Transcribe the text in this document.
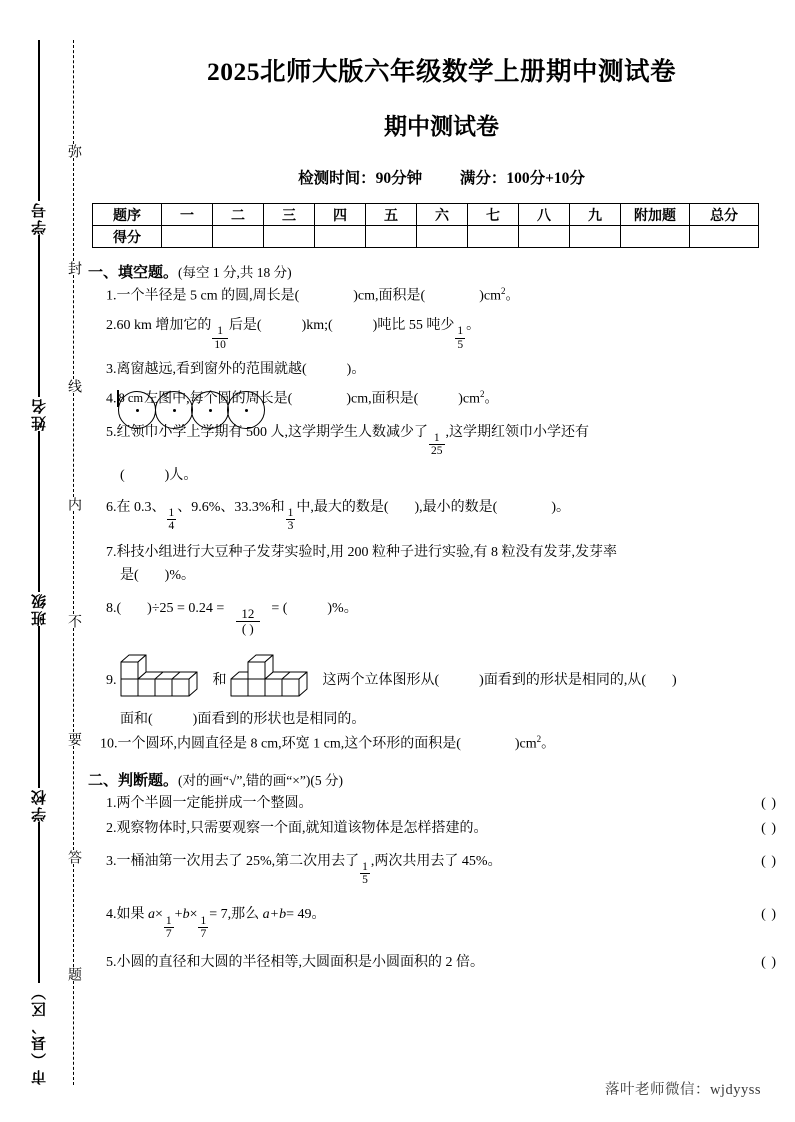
学号
姓名
班级
学校
市（县、区）
弥
封
线
内
不
要
答
题
2025北师大版六年级数学上册期中测试卷
期中测试卷
检测时间：90分钟 满分：100分+10分
题序	一	二	三	四	五	六	七	八	九	附加题	总分
得分											
一、填空题。(每空 1 分,共 18 分)
1.一个半径是 5 cm 的圆,周长是(	)cm,面积是(	)$cm^2$。
2.60 km 增加它的
$\frac{1}{10}$
后是(	)km;(	)吨比 55 吨少
$\frac{1}{5}$
。
3.离窗越远,看到窗外的范围就越(	)。
4. 8 cm左图中,每个圆的周长是(	)cm,面积是(	)$cm^2$。
5.红领巾小学上学期有 500 人,这学期学生人数减少了
$\frac{1}{25}$
,这学期红领巾小学还有
(	)人。
6.在 0.3、
$\frac{1}{4}$
、9.6%、33.3%和
$\frac{1}{3}$
中,最大的数是( ),最小的数是(	)。
7.科技小组进行大豆种子发芽实验时,用 200 粒种子进行实验,有 8 粒没有发芽,发芽率
是( )%。
8.( )$\div 25 = 0.24 = \frac{12}{( )}$ = (	)%。
9.	和	这两个立体图形从(	)面看到的形状是相同的,从( )
面和(	)面看到的形状也是相同的。
10.一个圆环,内圆直径是 8 cm,环宽 1 cm,这个环形的面积是(	)$cm^2$。
二、判断题。(对的画“√”,错的画“×”)(5 分)
1.两个半圆一定能拼成一个整圆。	( )
2.观察物体时,只需要观察一个面,就知道该物体是怎样搭建的。	( )
3.一桶油第一次用去了 25%,第二次用去了
$\frac{1}{5}$
,两次共用去了 45%。	( )
4.如果 a×
$\frac{1}{7}$
+b×
$\frac{1}{7}$
= 7,那么 a+b= 49。	( )
5.小圆的直径和大圆的半径相等,大圆面积是小圆面积的 2 倍。	( )
落叶老师微信：wjdyyss
